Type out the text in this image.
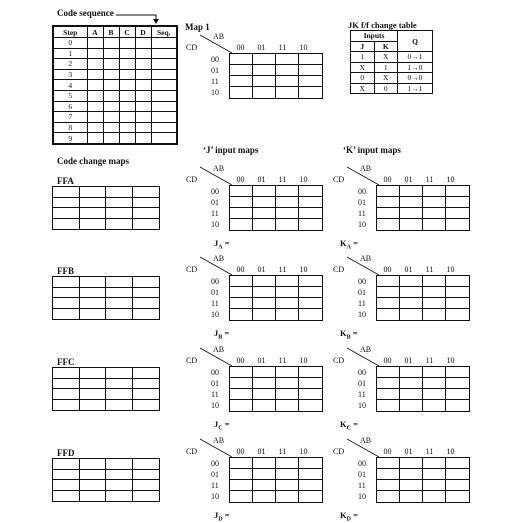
Code sequence
Step	A	B	C	D	Seq.
0					
1					
2					
3					
4					
5					
6					
7					
8					
9					
Map 1
AB
CD	00 01 11 10
00
01
11
10
JK f/f change table
Inputs		Q
J	K	
1	X	0→1
X	1	1→0
0	X	0→0
X	0	1→1
Code change maps
‘J’ input maps	‘K’ input maps
FFA
AB
CD	00 01 11 10
00
01
11
10
AB
CD	00 01 11 10
00
01
11
10
$J_A$ =	$K_A$ =
FFB
AB
CD	00 01 11 10
00
01
11
10
AB
CD	00 01 11 10
00
01
11
10
$J_B$ =	$K_B$ =
FFC
AB
CD	00 01 11 10
00
01
11
10
AB
CD	00 01 11 10
00
01
11
10
$J_C$ =	$K_C$ =
FFD
AB
CD	00 01 11 10
00
01
11
10
AB
CD	00 01 11 10
00
01
11
10
$J_D$ =	$K_D$ =
